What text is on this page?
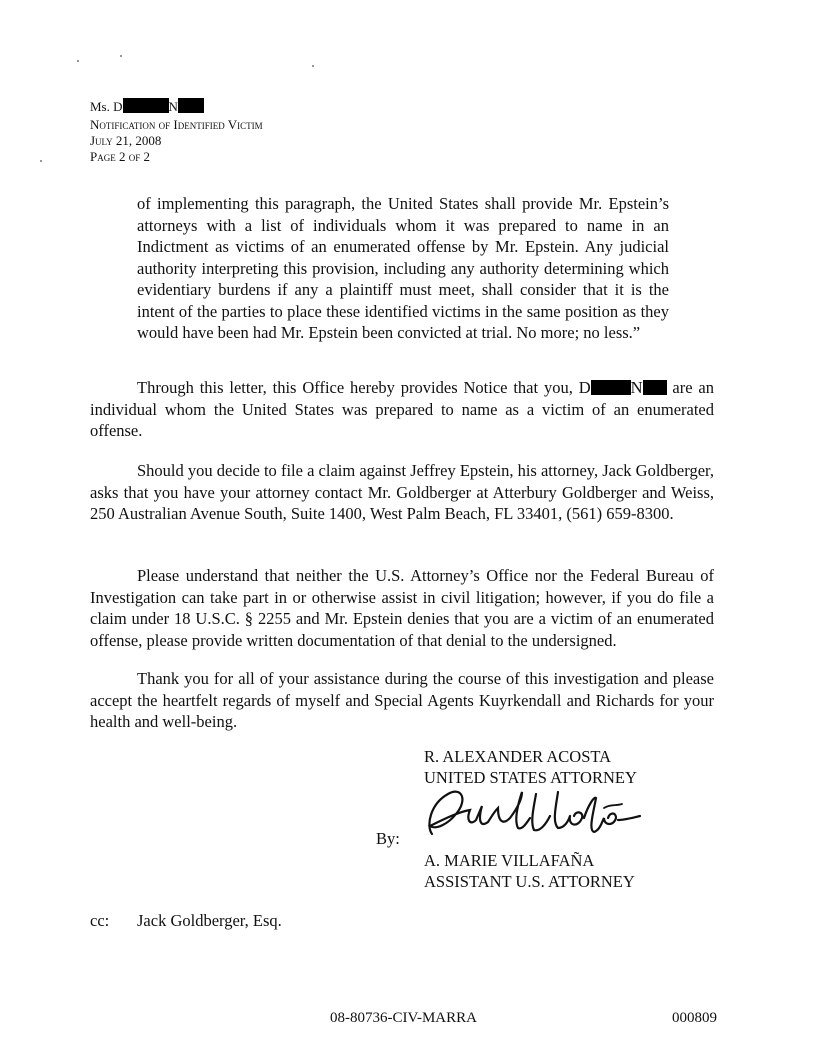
Ms. D	N
Notification of Identified Victim
July 21, 2008
Page 2 of 2
of implementing this paragraph, the United States shall provide Mr. Epstein’s attorneys with a list of individuals whom it was prepared to name in an Indictment as victims of an enumerated offense by Mr. Epstein. Any judicial authority interpreting this provision, including any authority determining which evidentiary burdens if any a plaintiff must meet, shall consider that it is the intent of the parties to place these identified victims in the same position as they would have been had Mr. Epstein been convicted at trial. No more; no less.”
Through this letter, this Office hereby provides Notice that you, D N are an individual whom the United States was prepared to name as a victim of an enumerated offense.
Should you decide to file a claim against Jeffrey Epstein, his attorney, Jack Goldberger, asks that you have your attorney contact Mr. Goldberger at Atterbury Goldberger and Weiss, 250 Australian Avenue South, Suite 1400, West Palm Beach, FL 33401, (561) 659-8300.
Please understand that neither the U.S. Attorney’s Office nor the Federal Bureau of Investigation can take part in or otherwise assist in civil litigation; however, if you do file a claim under 18 U.S.C. § 2255 and Mr. Epstein denies that you are a victim of an enumerated offense, please provide written documentation of that denial to the undersigned.
Thank you for all of your assistance during the course of this investigation and please accept the heartfelt regards of myself and Special Agents Kuyrkendall and Richards for your health and well-being.
R. ALEXANDER ACOSTA
UNITED STATES ATTORNEY
By:
A. MARIE VILLAFAÑA
ASSISTANT U.S. ATTORNEY
cc: Jack Goldberger, Esq.
08-80736-CIV-MARRA	000809
